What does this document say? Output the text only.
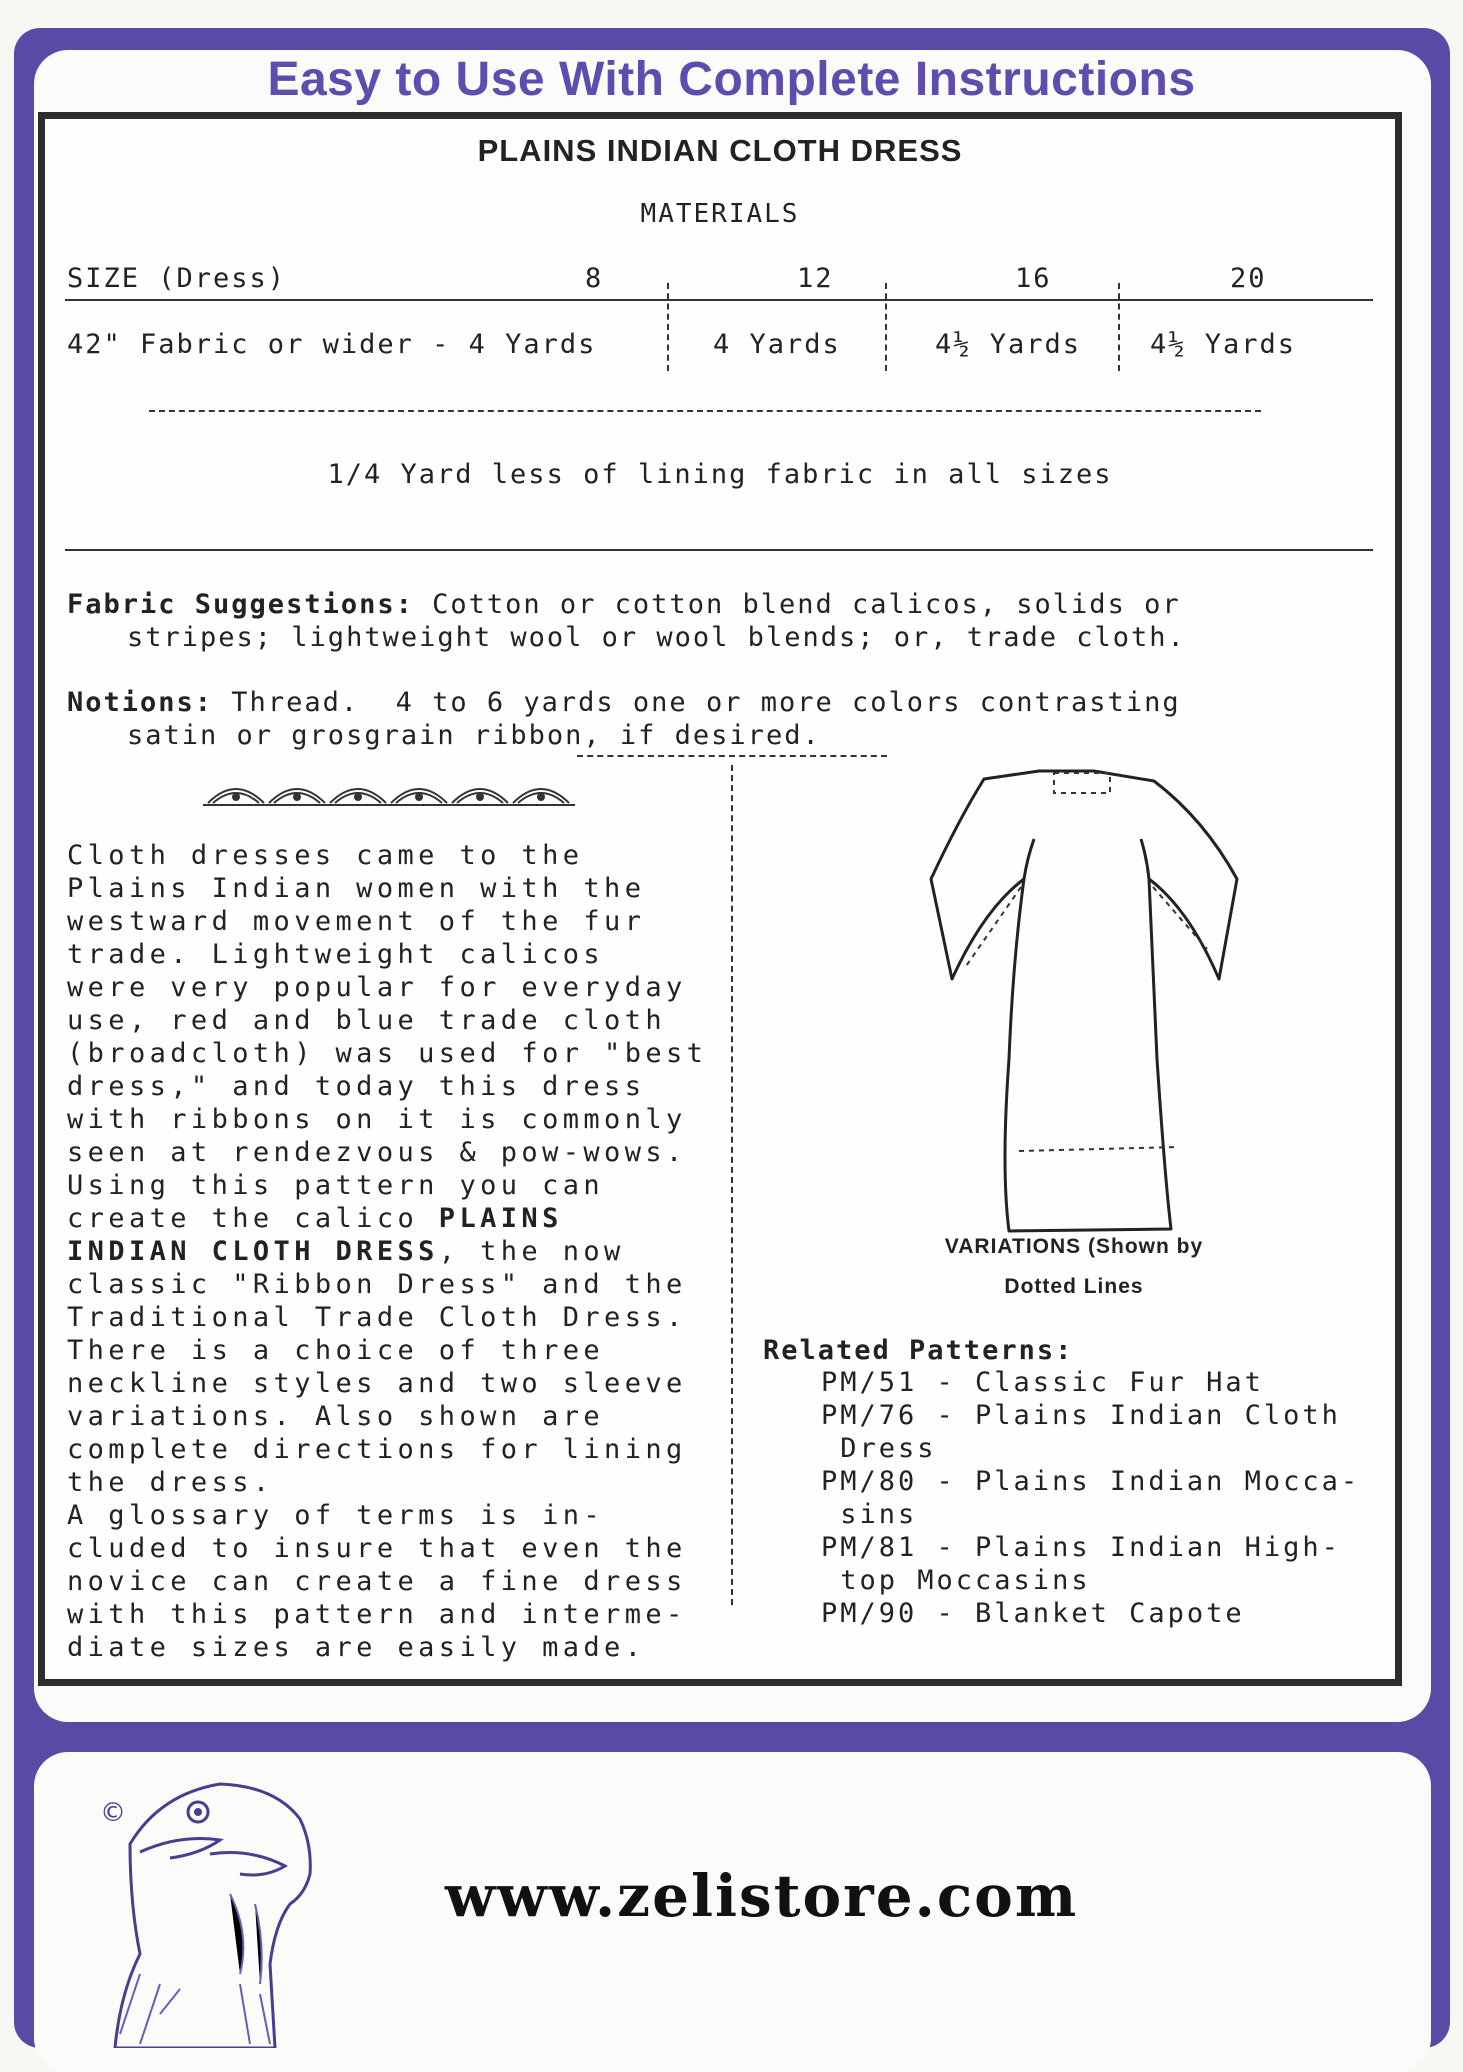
Easy to Use With Complete Instructions
PLAINS INDIAN CLOTH DRESS
MATERIALS
SIZE (Dress)	8	12	16	20
42" Fabric or wider - 4 Yards	4 Yards	4½ Yards	4½ Yards
1/4 Yard less of lining fabric in all sizes
Fabric Suggestions: Cotton or cotton blend calicos, solids or
stripes; lightweight wool or wool blends; or, trade cloth.
Notions: Thread.  4 to 6 yards one or more colors contrasting
satin or grosgrain ribbon, if desired.
Cloth dresses came to the
Plains Indian women with the
westward movement of the fur
trade. Lightweight calicos
were very popular for everyday
use, red and blue trade cloth
(broadcloth) was used for "best
dress," and today this dress
with ribbons on it is commonly
seen at rendezvous & pow-wows.
Using this pattern you can
create the calico PLAINS
INDIAN CLOTH DRESS, the now
classic "Ribbon Dress" and the
Traditional Trade Cloth Dress.
There is a choice of three
neckline styles and two sleeve
variations. Also shown are
complete directions for lining
the dress.
A glossary of terms is in-
cluded to insure that even the
novice can create a fine dress
with this pattern and interme-
diate sizes are easily made.
VARIATIONS (Shown by
Dotted Lines
Related Patterns:
PM/51 - Classic Fur Hat
PM/76 - Plains Indian Cloth
Dress
PM/80 - Plains Indian Mocca-
sins
PM/81 - Plains Indian High-
top Moccasins
PM/90 - Blanket Capote
©
www.zelistore.com
